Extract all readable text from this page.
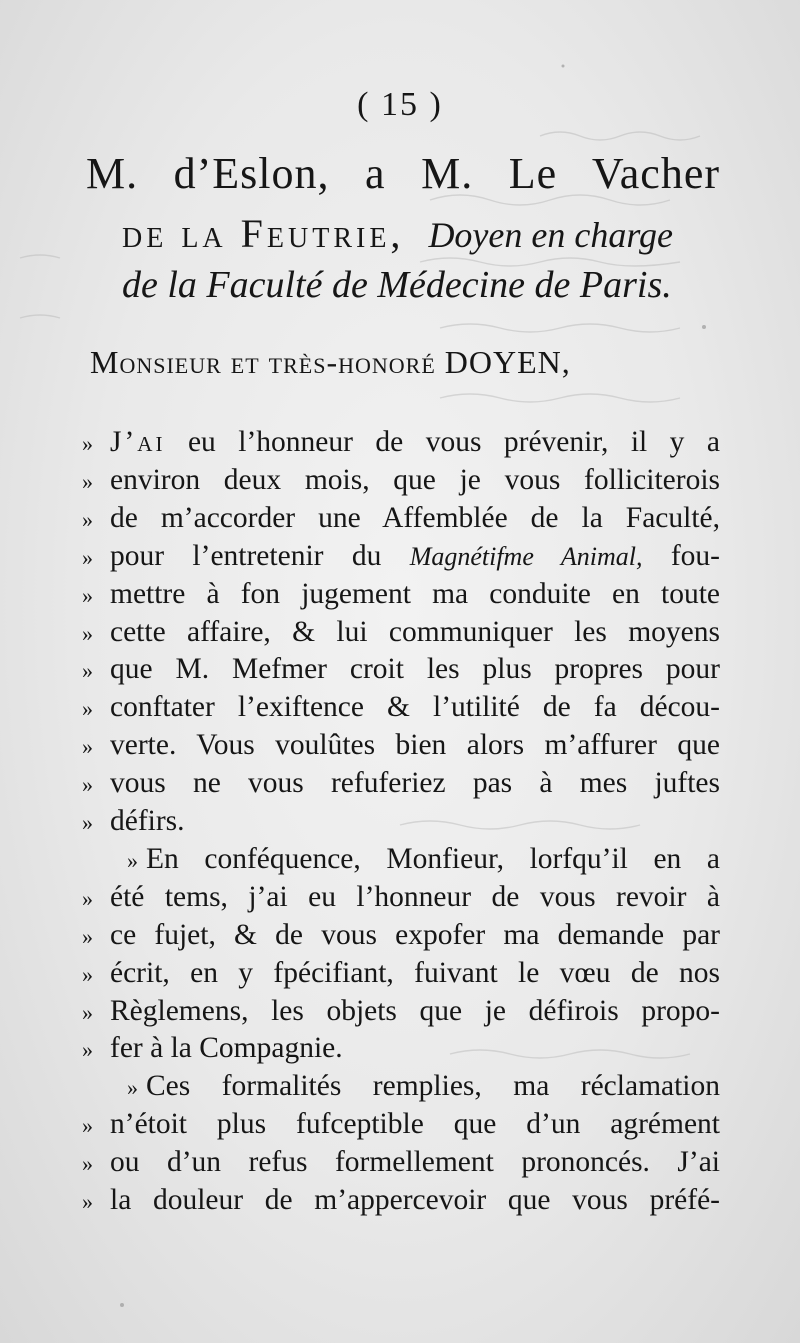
( 15 )
M. d’Eslon, a M. Le Vacher
de la Feutrie, Doyen en charge
de la Faculté de Médecine de Paris.
Monsieur et très-honoré DOYEN,
» J’ai eu l’honneur de vous prévenir, il y a
» environ deux mois, que je vous folliciterois
» de m’accorder une Affemblée de la Faculté,
» pour l’entretenir du Magnétifme Animal, fou-
» mettre à fon jugement ma conduite en toute
» cette affaire, & lui communiquer les moyens
» que M. Mefmer croit les plus propres pour
» conftater l’exiftence & l’utilité de fa décou-
» verte. Vous voulûtes bien alors m’affurer que
» vous ne vous refuferiez pas à mes juftes
» défirs.
» En conféquence, Monfieur, lorfqu’il en a
» été tems, j’ai eu l’honneur de vous revoir à
» ce fujet, & de vous expofer ma demande par
» écrit, en y fpécifiant, fuivant le vœu de nos
» Règlemens, les objets que je défirois propo-
» fer à la Compagnie.
» Ces formalités remplies, ma réclamation
» n’étoit plus fufceptible que d’un agrément
» ou d’un refus formellement prononcés. J’ai
» la douleur de m’appercevoir que vous préfé-
